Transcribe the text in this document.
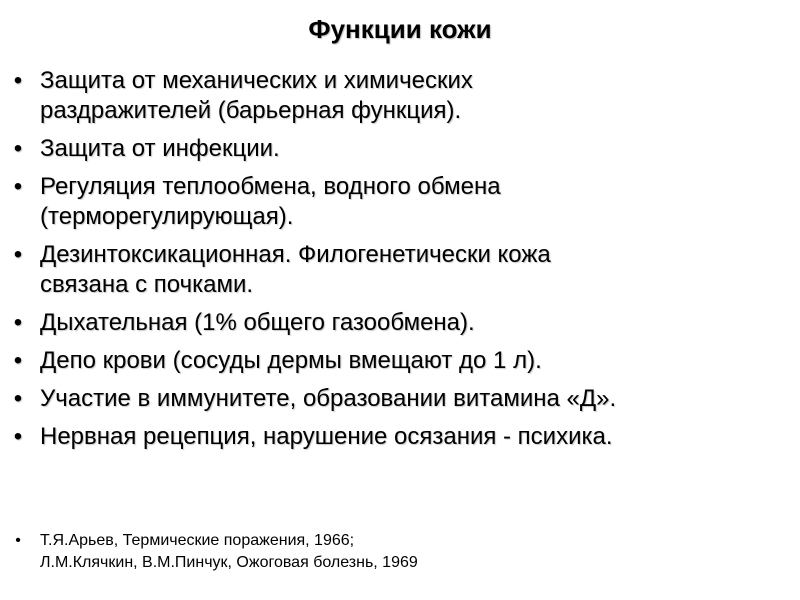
Функции кожи
• Защита от механических и химических
раздражителей (барьерная функция).
• Защита от инфекции.
• Регуляция теплообмена, водного обмена
(терморегулирующая).
• Дезинтоксикационная. Филогенетически кожа
связана с почками.
• Дыхательная (1% общего газообмена).
• Депо крови (сосуды дермы вмещают до 1 л).
• Участие в иммунитете, образовании витамина «Д».
• Нервная рецепция, нарушение осязания - психика.
•	Т.Я.Арьев, Термические поражения, 1966;
Л.М.Клячкин, В.М.Пинчук, Ожоговая болезнь, 1969
